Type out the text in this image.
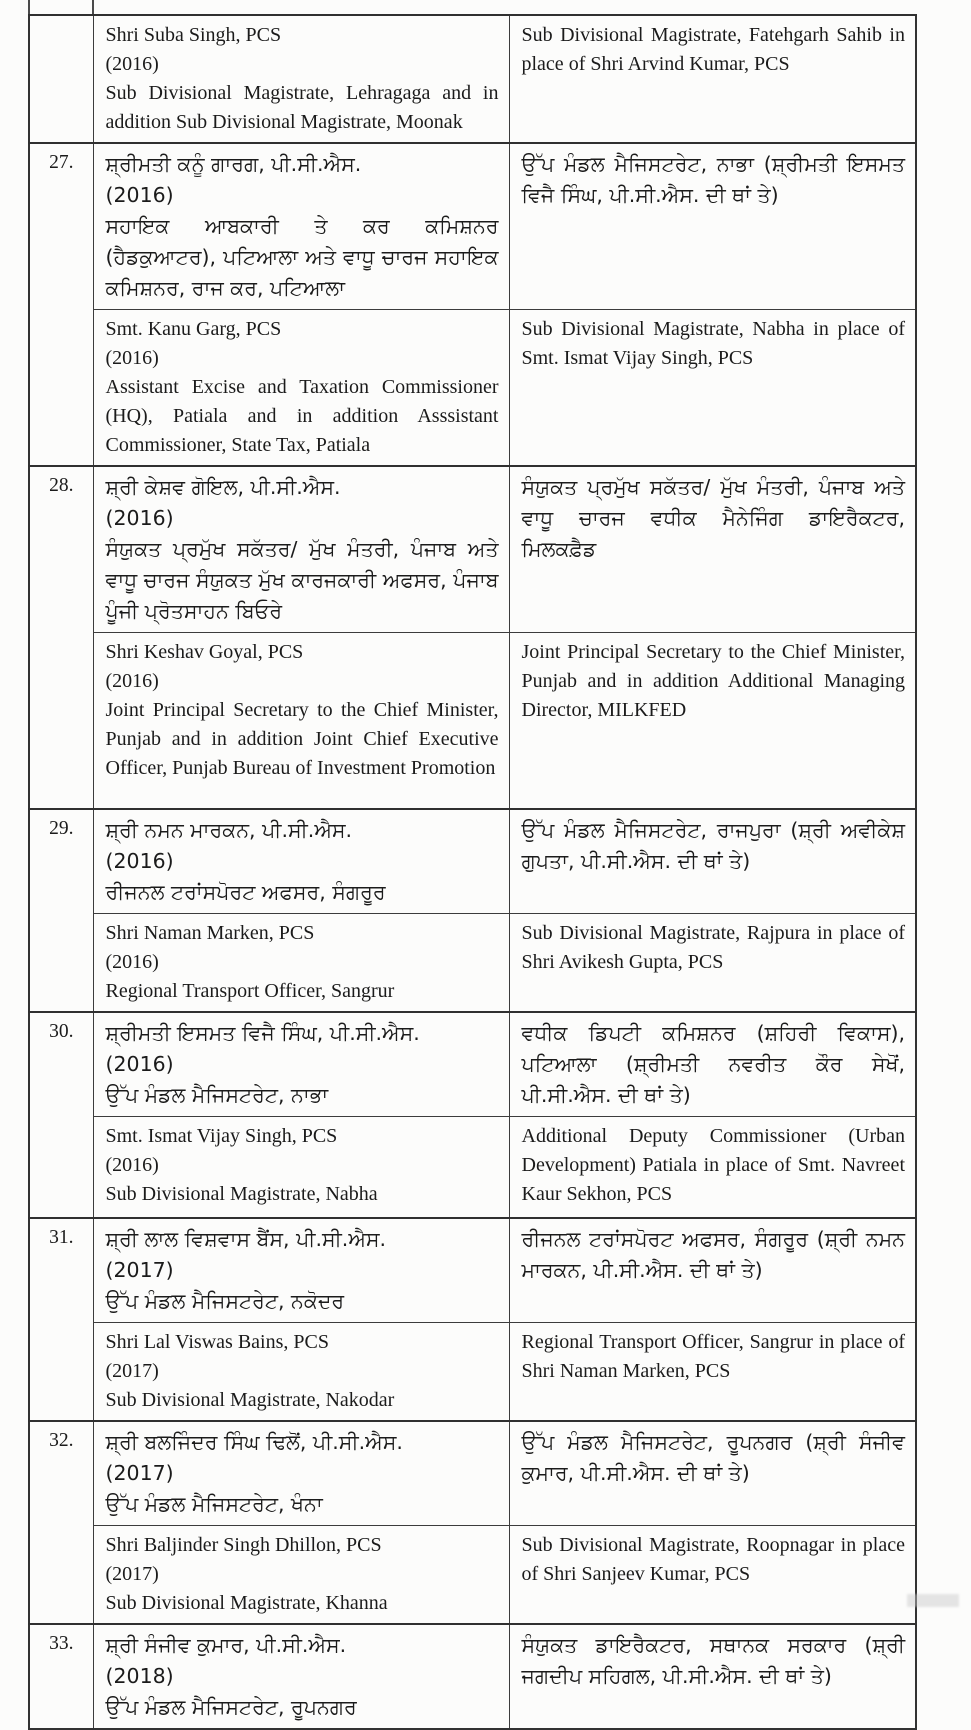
	Shri Suba Singh, PCS
(2016)
Sub Divisional Magistrate, Lehragaga and in addition Sub Divisional Magistrate, Moonak	Sub Divisional Magistrate, Fatehgarh Sahib in place of Shri Arvind Kumar, PCS

27.	ਸ਼੍ਰੀਮਤੀ ਕਨੂੰ ਗਾਰਗ, ਪੀ.ਸੀ.ਐਸ.
(2016)
ਸਹਾਇਕ ਆਬਕਾਰੀ ਤੇ ਕਰ ਕਮਿਸ਼ਨਰ (ਹੈਡਕੁਆਟਰ), ਪਟਿਆਲਾ ਅਤੇ ਵਾਧੂ ਚਾਰਜ ਸਹਾਇਕ ਕਮਿਸ਼ਨਰ, ਰਾਜ ਕਰ, ਪਟਿਆਲਾ	ਉੱਪ ਮੰਡਲ ਮੈਜਿਸਟਰੇਟ, ਨਾਭਾ (ਸ਼੍ਰੀਮਤੀ ਇਸਮਤ ਵਿਜੈ ਸਿੰਘ, ਪੀ.ਸੀ.ਐਸ. ਦੀ ਥਾਂ ਤੇ)

	Smt. Kanu Garg, PCS
(2016)
Assistant Excise and Taxation Commissioner (HQ), Patiala and in addition Asssistant Commissioner, State Tax, Patiala	Sub Divisional Magistrate, Nabha in place of Smt. Ismat Vijay Singh, PCS

28.	ਸ਼੍ਰੀ ਕੇਸ਼ਵ ਗੋਇਲ, ਪੀ.ਸੀ.ਐਸ.
(2016)
ਸੰਯੁਕਤ ਪ੍ਰਮੁੱਖ ਸਕੱਤਰ/ ਮੁੱਖ ਮੰਤਰੀ, ਪੰਜਾਬ ਅਤੇ ਵਾਧੂ ਚਾਰਜ ਸੰਯੁਕਤ ਮੁੱਖ ਕਾਰਜਕਾਰੀ ਅਫਸਰ, ਪੰਜਾਬ ਪੂੰਜੀ ਪ੍ਰੋਤਸਾਹਨ ਬਿਓਰੇ	ਸੰਯੁਕਤ ਪ੍ਰਮੁੱਖ ਸਕੱਤਰ/ ਮੁੱਖ ਮੰਤਰੀ, ਪੰਜਾਬ ਅਤੇ ਵਾਧੂ ਚਾਰਜ ਵਧੀਕ ਮੈਨੇਜਿੰਗ ਡਾਇਰੈਕਟਰ, ਮਿਲਕਫ਼ੈਡ

	Shri Keshav Goyal, PCS
(2016)
Joint Principal Secretary to the Chief Minister, Punjab and in addition Joint Chief Executive Officer, Punjab Bureau of Investment Promotion	Joint Principal Secretary to the Chief Minister, Punjab and in addition Additional Managing Director, MILKFED

29.	ਸ਼੍ਰੀ ਨਮਨ ਮਾਰਕਨ, ਪੀ.ਸੀ.ਐਸ.
(2016)
ਰੀਜਨਲ ਟਰਾਂਸਪੋਰਟ ਅਫਸਰ, ਸੰਗਰੂਰ	ਉੱਪ ਮੰਡਲ ਮੈਜਿਸਟਰੇਟ, ਰਾਜਪੁਰਾ (ਸ਼੍ਰੀ ਅਵੀਕੇਸ਼ ਗੁਪਤਾ, ਪੀ.ਸੀ.ਐਸ. ਦੀ ਥਾਂ ਤੇ)

	Shri Naman Marken, PCS
(2016)
Regional Transport Officer, Sangrur	Sub Divisional Magistrate, Rajpura in place of Shri Avikesh Gupta, PCS

30.	ਸ਼੍ਰੀਮਤੀ ਇਸਮਤ ਵਿਜੈ ਸਿੰਘ, ਪੀ.ਸੀ.ਐਸ.
(2016)
ਉੱਪ ਮੰਡਲ ਮੈਜਿਸਟਰੇਟ, ਨਾਭਾ	ਵਧੀਕ ਡਿਪਟੀ ਕਮਿਸ਼ਨਰ (ਸ਼ਹਿਰੀ ਵਿਕਾਸ), ਪਟਿਆਲਾ (ਸ਼੍ਰੀਮਤੀ ਨਵਰੀਤ ਕੌਰ ਸੇਖੋਂ, ਪੀ.ਸੀ.ਐਸ. ਦੀ ਥਾਂ ਤੇ)

	Smt. Ismat Vijay Singh, PCS
(2016)
Sub Divisional Magistrate, Nabha	Additional Deputy Commissioner (Urban Development) Patiala in place of Smt. Navreet Kaur Sekhon, PCS

31.	ਸ਼੍ਰੀ ਲਾਲ ਵਿਸ਼ਵਾਸ ਬੈਂਸ, ਪੀ.ਸੀ.ਐਸ.
(2017)
ਉੱਪ ਮੰਡਲ ਮੈਜਿਸਟਰੇਟ, ਨਕੋਦਰ	ਰੀਜਨਲ ਟਰਾਂਸਪੋਰਟ ਅਫਸਰ, ਸੰਗਰੂਰ (ਸ਼੍ਰੀ ਨਮਨ ਮਾਰਕਨ, ਪੀ.ਸੀ.ਐਸ. ਦੀ ਥਾਂ ਤੇ)

	Shri Lal Viswas Bains, PCS
(2017)
Sub Divisional Magistrate, Nakodar	Regional Transport Officer, Sangrur in place of Shri Naman Marken, PCS

32.	ਸ਼੍ਰੀ ਬਲਜਿੰਦਰ ਸਿੰਘ ਢਿਲੋਂ, ਪੀ.ਸੀ.ਐਸ.
(2017)
ਉੱਪ ਮੰਡਲ ਮੈਜਿਸਟਰੇਟ, ਖੰਨਾ	ਉੱਪ ਮੰਡਲ ਮੈਜਿਸਟਰੇਟ, ਰੂਪਨਗਰ (ਸ਼੍ਰੀ ਸੰਜੀਵ ਕੁਮਾਰ, ਪੀ.ਸੀ.ਐਸ. ਦੀ ਥਾਂ ਤੇ)

	Shri Baljinder Singh Dhillon, PCS
(2017)
Sub Divisional Magistrate, Khanna	Sub Divisional Magistrate, Roopnagar in place of Shri Sanjeev Kumar, PCS

33.	ਸ਼੍ਰੀ ਸੰਜੀਵ ਕੁਮਾਰ, ਪੀ.ਸੀ.ਐਸ.
(2018)
ਉੱਪ ਮੰਡਲ ਮੈਜਿਸਟਰੇਟ, ਰੂਪਨਗਰ	ਸੰਯੁਕਤ ਡਾਇਰੈਕਟਰ, ਸਥਾਨਕ ਸਰਕਾਰ (ਸ਼੍ਰੀ ਜਗਦੀਪ ਸਹਿਗਲ, ਪੀ.ਸੀ.ਐਸ. ਦੀ ਥਾਂ ਤੇ)
